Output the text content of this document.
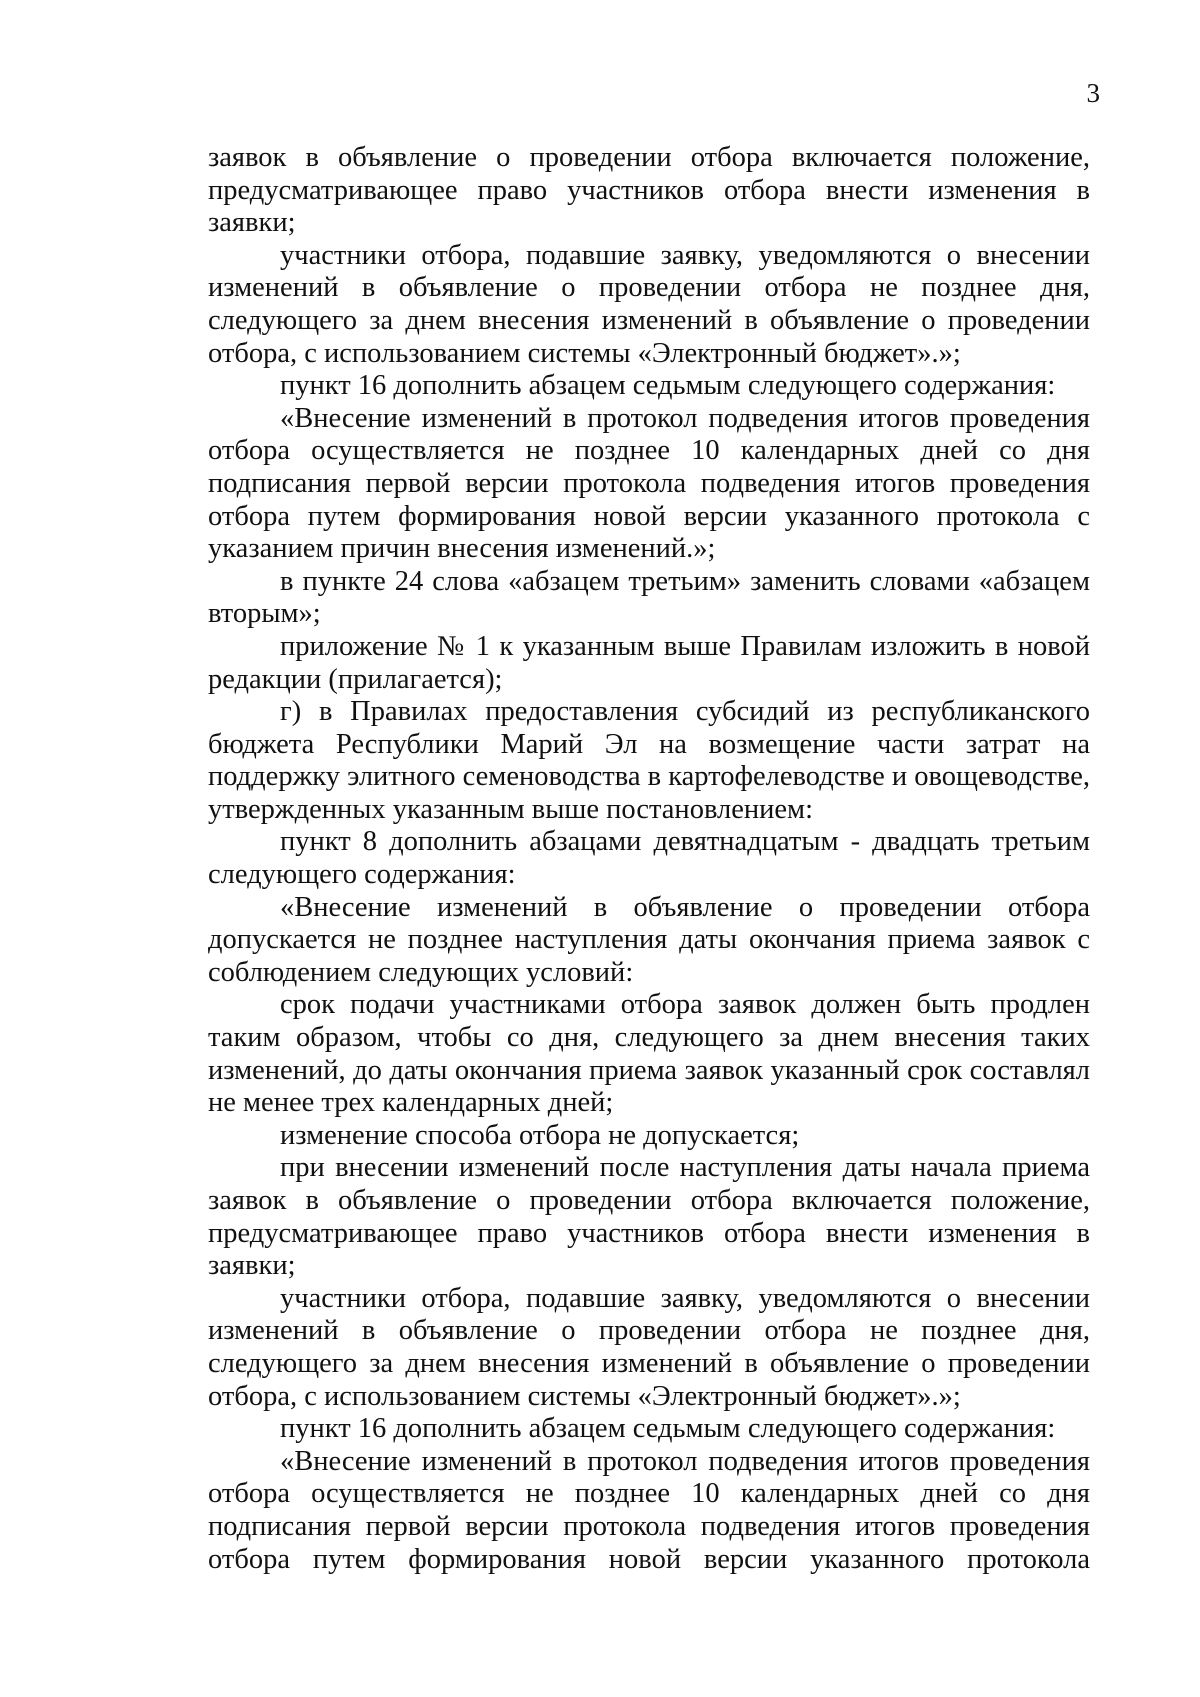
3

заявок в объявление о проведении отбора включается положение, предусматривающее право участников отбора внести изменения в заявки;

участники отбора, подавшие заявку, уведомляются о внесении изменений в объявление о проведении отбора не позднее дня, следующего за днем внесения изменений в объявление о проведении отбора, с использованием системы «Электронный бюджет».»;

пункт 16 дополнить абзацем седьмым следующего содержания:

«Внесение изменений в протокол подведения итогов проведения отбора осуществляется не позднее 10 календарных дней со дня подписания первой версии протокола подведения итогов проведения отбора путем формирования новой версии указанного протокола с указанием причин внесения изменений.»;

в пункте 24 слова «абзацем третьим» заменить словами «абзацем вторым»;

приложение № 1 к указанным выше Правилам изложить в новой редакции (прилагается);

г) в Правилах предоставления субсидий из республиканского бюджета Республики Марий Эл на возмещение части затрат на поддержку элитного семеноводства в картофелеводстве и овощеводстве, утвержденных указанным выше постановлением:

пункт 8 дополнить абзацами девятнадцатым - двадцать третьим следующего содержания:

«Внесение изменений в объявление о проведении отбора допускается не позднее наступления даты окончания приема заявок с соблюдением следующих условий:

срок подачи участниками отбора заявок должен быть продлен таким образом, чтобы со дня, следующего за днем внесения таких изменений, до даты окончания приема заявок указанный срок составлял не менее трех календарных дней;

изменение способа отбора не допускается;

при внесении изменений после наступления даты начала приема заявок в объявление о проведении отбора включается положение, предусматривающее право участников отбора внести изменения в заявки;

участники отбора, подавшие заявку, уведомляются о внесении изменений в объявление о проведении отбора не позднее дня, следующего за днем внесения изменений в объявление о проведении отбора, с использованием системы «Электронный бюджет».»;

пункт 16 дополнить абзацем седьмым следующего содержания:

«Внесение изменений в протокол подведения итогов проведения отбора осуществляется не позднее 10 календарных дней со дня подписания первой версии протокола подведения итогов проведения отбора путем формирования новой версии указанного протокола
